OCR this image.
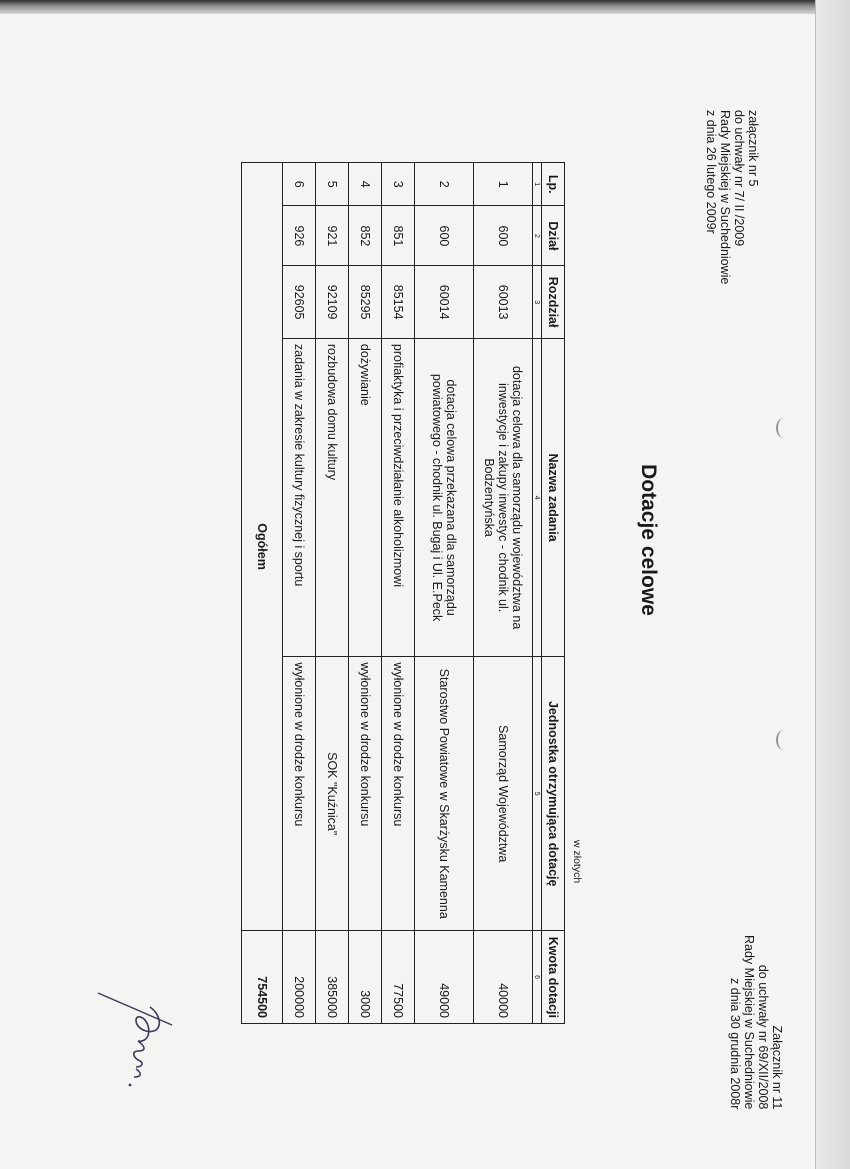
załącznik nr 5
do uchwały nr 7/ II /2009
Rady Miejskiej w Suchedniowie
z dnia 26 lutego 2009r
Załącznik nr 11
do uchwały nr 69/XII/2008
Rady Miejskiej w Suchedniowie
z dnia 30 grudnia 2008r
Dotacje celowe
w złotych
Lp.	Dział	Rozdział	Nazwa zadania	Jednostka otrzymująca dotację	Kwota dotacji
1	2	3	4	5	6
1	600	60013	dotacja celowa dla samorządu województwa na inwestycje i zakupy inwestyc - chodnik ul. Bodzentyńska	Samorząd Województwa	40000
2	600	60014	dotacja celowa przekazana dla samorządu powiatowego - chodnik ul. Bugaj i Ul. E.Peck	Starostwo Powiatowe w Skarżysku Kamenna	49000
3	851	85154	profiaktyka i przeciwdziałanie alkoholizmowi	wyłonione w drodze konkursu	77500
4	852	85295	dożywianie	wyłonione w drodze konkursu	3000
5	921	92109	rozbudowa domu kultury	SOK "Kuźnica"	385000
6	926	92605	zadania w zakresie kultury fizycznej i sportu	wyłonione w drodze konkursu	200000
Ogółem					754500
